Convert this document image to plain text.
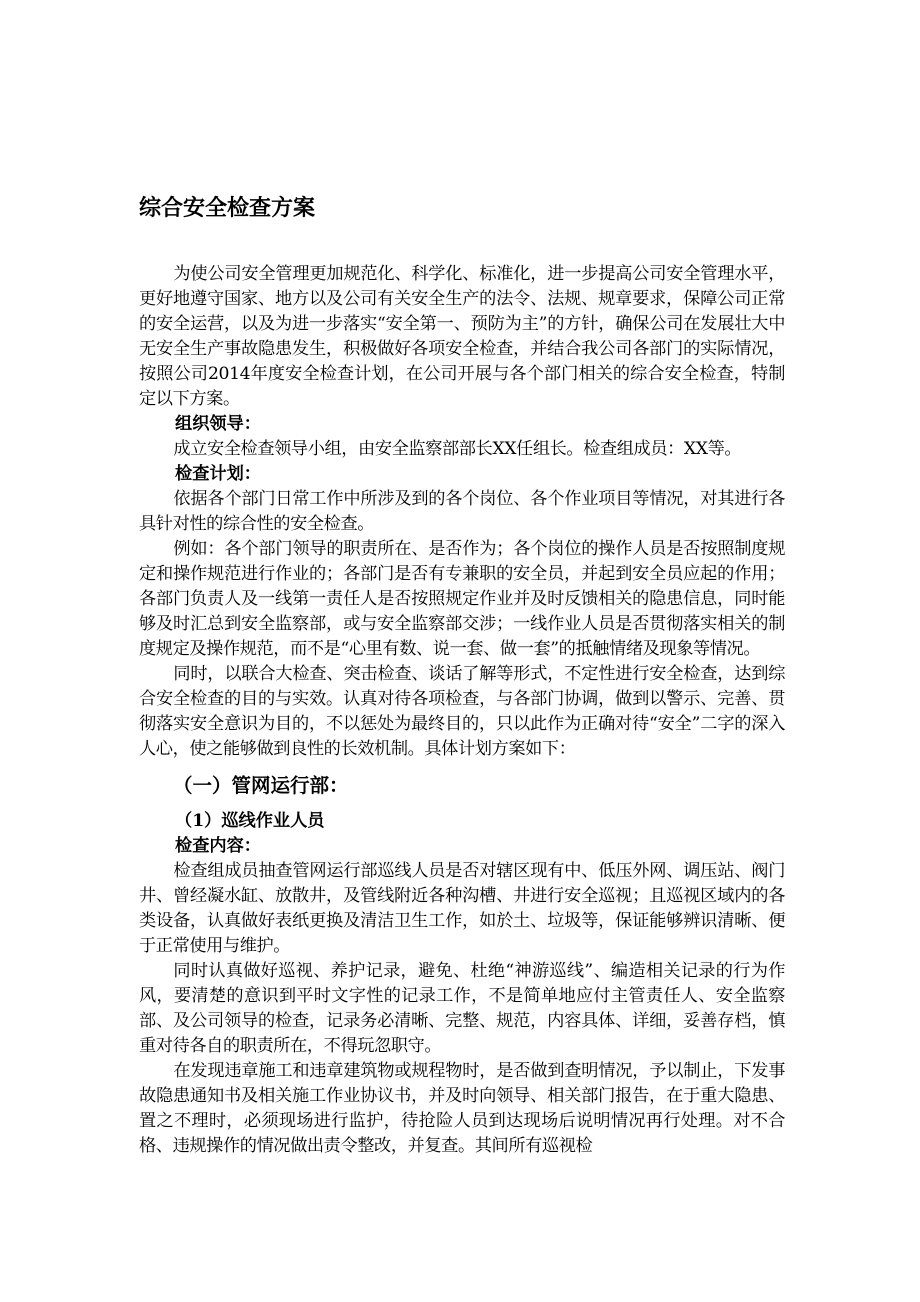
综合安全检查方案

为使公司安全管理更加规范化、科学化、标准化，进一步提高公司安全管理水平，更好地遵守国家、地方以及公司有关安全生产的法令、法规、规章要求，保障公司正常的安全运营，以及为进一步落实“安全第一、预防为主”的方针，确保公司在发展壮大中无安全生产事故隐患发生，积极做好各项安全检查，并结合我公司各部门的实际情况，按照公司2014年度安全检查计划，在公司开展与各个部门相关的综合安全检查，特制定以下方案。

组织领导：

成立安全检查领导小组，由安全监察部部长XX任组长。检查组成员：XX等。

检查计划：

依据各个部门日常工作中所涉及到的各个岗位、各个作业项目等情况，对其进行各具针对性的综合性的安全检查。

例如：各个部门领导的职责所在、是否作为；各个岗位的操作人员是否按照制度规定和操作规范进行作业的；各部门是否有专兼职的安全员，并起到安全员应起的作用；各部门负责人及一线第一责任人是否按照规定作业并及时反馈相关的隐患信息，同时能够及时汇总到安全监察部，或与安全监察部交涉；一线作业人员是否贯彻落实相关的制度规定及操作规范，而不是“心里有数、说一套、做一套”的抵触情绪及现象等情况。

同时，以联合大检查、突击检查、谈话了解等形式，不定性进行安全检查，达到综合安全检查的目的与实效。认真对待各项检查，与各部门协调，做到以警示、完善、贯彻落实安全意识为目的，不以惩处为最终目的，只以此作为正确对待“安全”二字的深入人心，使之能够做到良性的长效机制。具体计划方案如下：

（一）管网运行部：

（1）巡线作业人员

检查内容：

检查组成员抽查管网运行部巡线人员是否对辖区现有中、低压外网、调压站、阀门井、曾经凝水缸、放散井，及管线附近各种沟槽、井进行安全巡视；且巡视区域内的各类设备，认真做好表纸更换及清洁卫生工作，如於土、垃圾等，保证能够辨识清晰、便于正常使用与维护。

同时认真做好巡视、养护记录，避免、杜绝“神游巡线”、编造相关记录的行为作风，要清楚的意识到平时文字性的记录工作，不是简单地应付主管责任人、安全监察部、及公司领导的检查，记录务必清晰、完整、规范，内容具体、详细，妥善存档，慎重对待各自的职责所在，不得玩忽职守。

在发现违章施工和违章建筑物或规程物时，是否做到查明情况，予以制止，下发事故隐患通知书及相关施工作业协议书，并及时向领导、相关部门报告，在于重大隐患、置之不理时，必须现场进行监护，待抢险人员到达现场后说明情况再行处理。对不合格、违规操作的情况做出责令整改，并复查。其间所有巡视检
